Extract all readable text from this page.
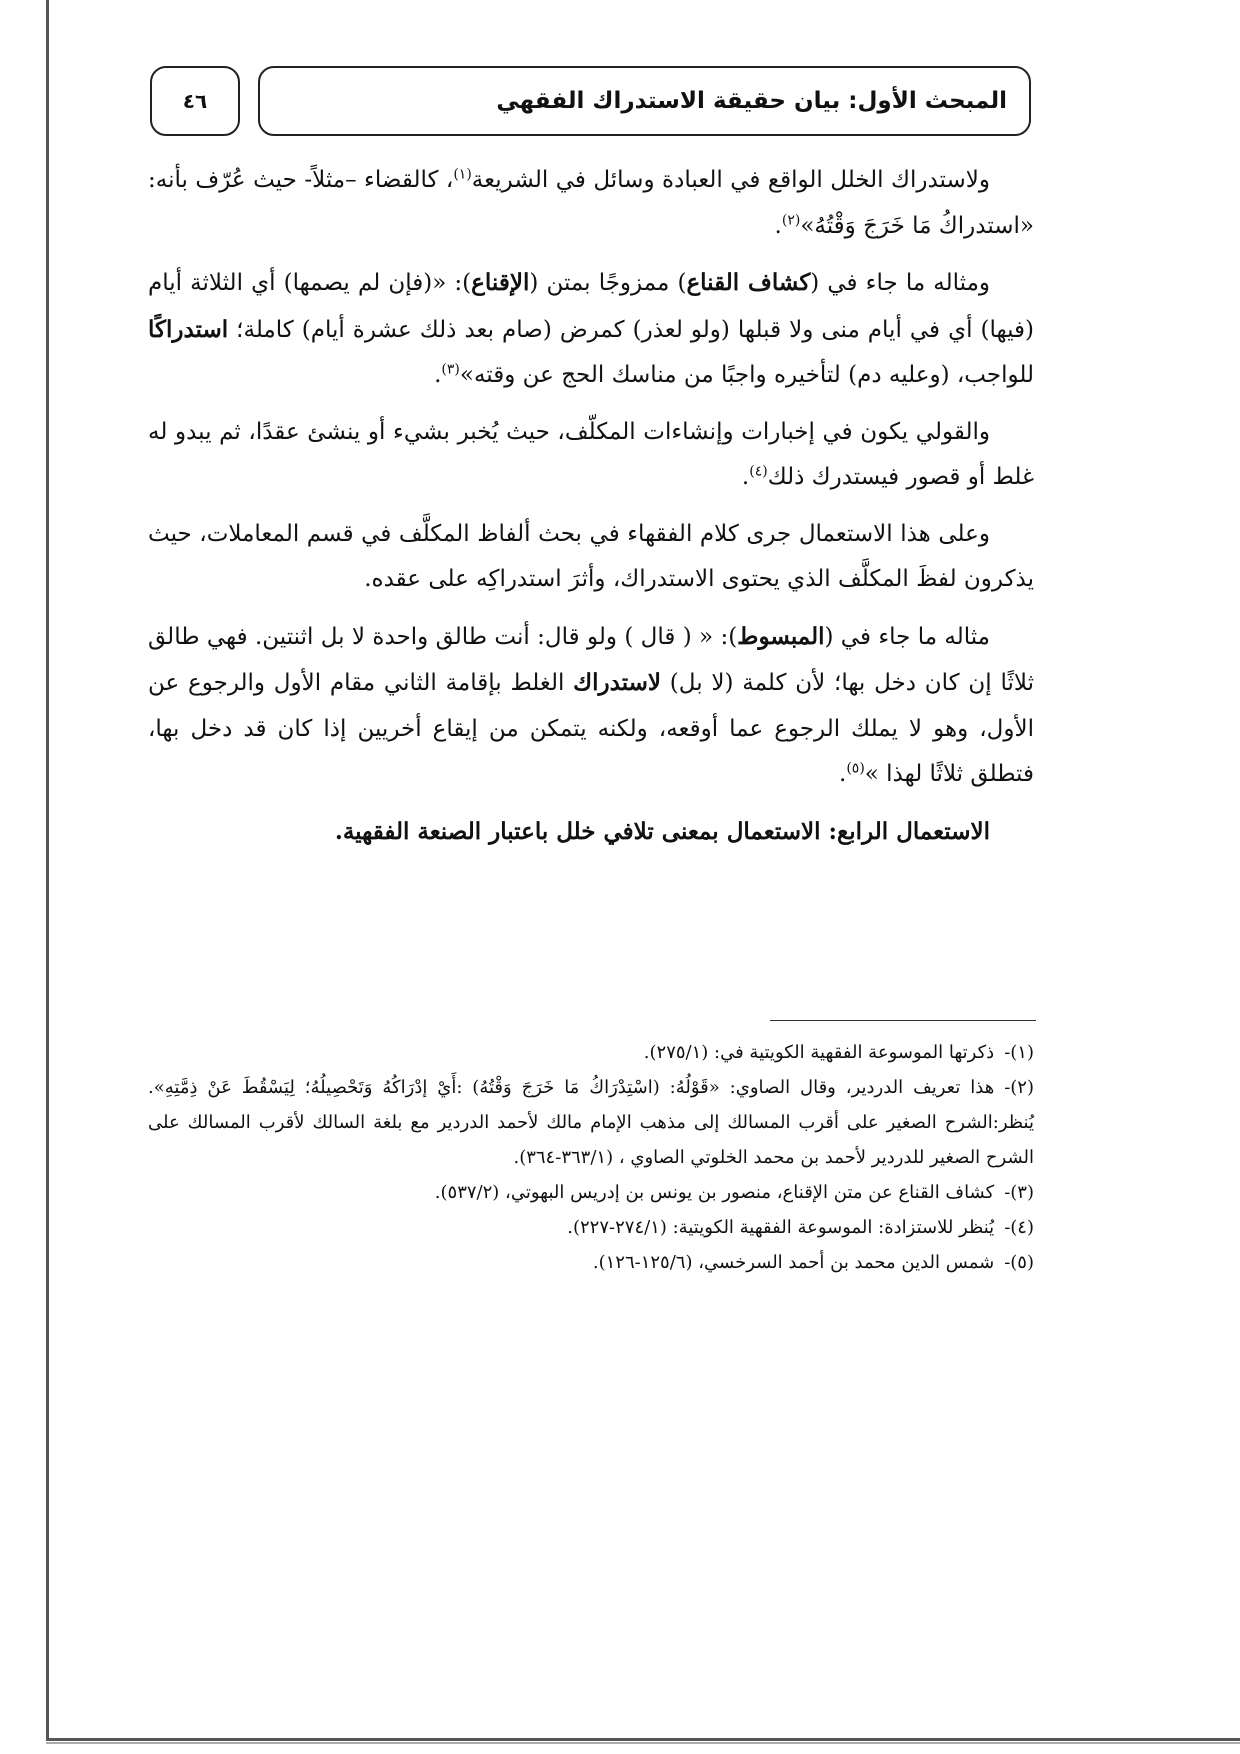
المبحث الأول: بيان حقيقة الاستدراك الفقهي
٤٦

ولاستدراك الخلل الواقع في العبادة وسائل في الشريعة$^{(١)}$، كالقضاء –مثلاً- حيث عُرّف بأنه: «استدراكُ مَا خَرَجَ وَقْتُهُ»$^{(٢)}$.

ومثاله ما جاء في (كشاف القناع) ممزوجًا بمتن (الإقناع): «(فإن لم يصمها) أي الثلاثة أيام (فيها) أي في أيام منى ولا قبلها (ولو لعذر) كمرض (صام بعد ذلك عشرة أيام) كاملة؛ استدراكًا للواجب، (وعليه دم) لتأخيره واجبًا من مناسك الحج عن وقته»$^{(٣)}$.

والقولي يكون في إخبارات وإنشاءات المكلّف، حيث يُخبر بشيء أو ينشئ عقدًا، ثم يبدو له غلط أو قصور فيستدرك ذلك$^{(٤)}$.

وعلى هذا الاستعمال جرى كلام الفقهاء في بحث ألفاظ المكلَّف في قسم المعاملات، حيث يذكرون لفظَ المكلَّف الذي يحتوى الاستدراك، وأثرَ استدراكِه على عقده.

مثاله ما جاء في (المبسوط): « ( قال ) ولو قال: أنت طالق واحدة لا بل اثنتين. فهي طالق ثلاثًا إن كان دخل بها؛ لأن كلمة (لا بل) لاستدراك الغلط بإقامة الثاني مقام الأول والرجوع عن الأول، وهو لا يملك الرجوع عما أوقعه، ولكنه يتمكن من إيقاع أخريين إذا كان قد دخل بها، فتطلق ثلاثًا لهذا »$^{(٥)}$.

الاستعمال الرابع: الاستعمال بمعنى تلافي خلل باعتبار الصنعة الفقهية.

(١)-ذكرتها الموسوعة الفقهية الكويتية في: (٢٧٥/١).

(٢)-هذا تعريف الدردير، وقال الصاوي: «قَوْلُهُ: (اسْتِدْرَاكُ مَا خَرَجَ وَقْتُهُ) :أَيْ إدْرَاكُهُ وَتَحْصِيلُهُ؛ لِيَسْقُطَ عَنْ ذِمَّتِهِ». يُنظر:الشرح الصغير على أقرب المسالك إلى مذهب الإمام مالك لأحمد الدردير مع بلغة السالك لأقرب المسالك على الشرح الصغير للدردير لأحمد بن محمد الخلوتي الصاوي ، (٣٦٣/١-٣٦٤).

(٣)-كشاف القناع عن متن الإقناع، منصور بن يونس بن إدريس البهوتي، (٥٣٧/٢).

(٤)-يُنظر للاستزادة: الموسوعة الفقهية الكويتية: (٢٧٤/١-٢٢٧).

(٥)-شمس الدين محمد بن أحمد السرخسي، (١٢٥/٦-١٢٦).
